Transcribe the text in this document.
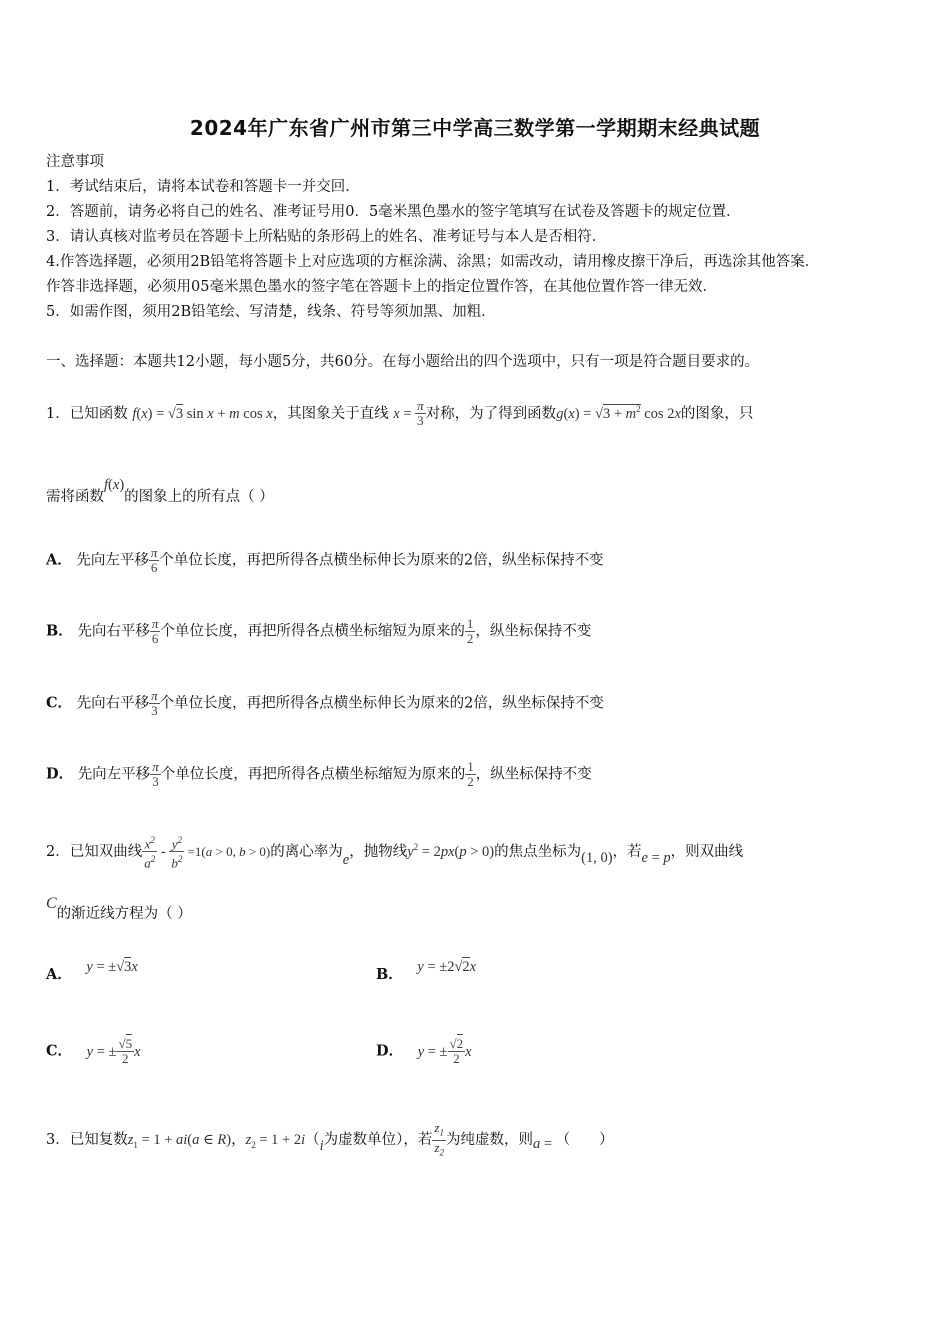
2024年广东省广州市第三中学高三数学第一学期期末经典试题
注意事项
1．考试结束后，请将本试卷和答题卡一并交回．
2．答题前，请务必将自己的姓名、准考证号用0．5毫米黑色墨水的签字笔填写在试卷及答题卡的规定位置．
3．请认真核对监考员在答题卡上所粘贴的条形码上的姓名、准考证号与本人是否相符．
4.作答选择题，必须用2B铅笔将答题卡上对应选项的方框涂满、涂黑；如需改动，请用橡皮擦干净后，再选涂其他答案．
作答非选择题，必须用05毫米黑色墨水的签字笔在答题卡上的指定位置作答，在其他位置作答一律无效．
5．如需作图，须用2B铅笔绘、写清楚，线条、符号等须加黑、加粗．
一、选择题：本题共12小题，每小题5分，共60分。在每小题给出的四个选项中，只有一项是符合题目要求的。
1．已知函数 f(x) = √3 sin x + m cos x，其图象关于直线 $x = \frac{\pi}{3}$ 对称，为了得到函数$g(x) = √3 + m^2$ cos 2x的图象，只
需将函数f(x)的图象上的所有点（ ）
A． 先向左平移 $\frac{\pi}{6}$ 个单位长度，再把所得各点横坐标伸长为原来的2倍，纵坐标保持不变
B． 先向右平移 $\frac{\pi}{6}$ 个单位长度，再把所得各点横坐标缩短为原来的 $\frac{1}{2}$ ，纵坐标保持不变
C． 先向右平移 $\frac{\pi}{3}$ 个单位长度，再把所得各点横坐标伸长为原来的2倍，纵坐标保持不变
D． 先向左平移 $\frac{\pi}{3}$ 个单位长度，再把所得各点横坐标缩短为原来的 $\frac{1}{2}$ ，纵坐标保持不变
2．已知双曲线 $\frac{x^2}{a^2} - \frac{y^2}{b^2} =1(a > 0$, b > 0)的离心率为e，抛物线$y^2 = 2px(p > 0)$的焦点坐标为(1, 0)，若e = p，则双曲线
C的渐近线方程为（ ）
A． y = ±√3x	B． y = ±2√2x
C． y = ± $\frac{√5}{2}$ x	D． y = ± $\frac{√2}{2}$ x
3．已知复数$z_1 = 1 + ai(a$ ∈ R)，$z_2 = 1 + 2i(i$为虚数单位），若 $\frac{z_1}{z_2}$ 为纯虚数，则a = （　　）
